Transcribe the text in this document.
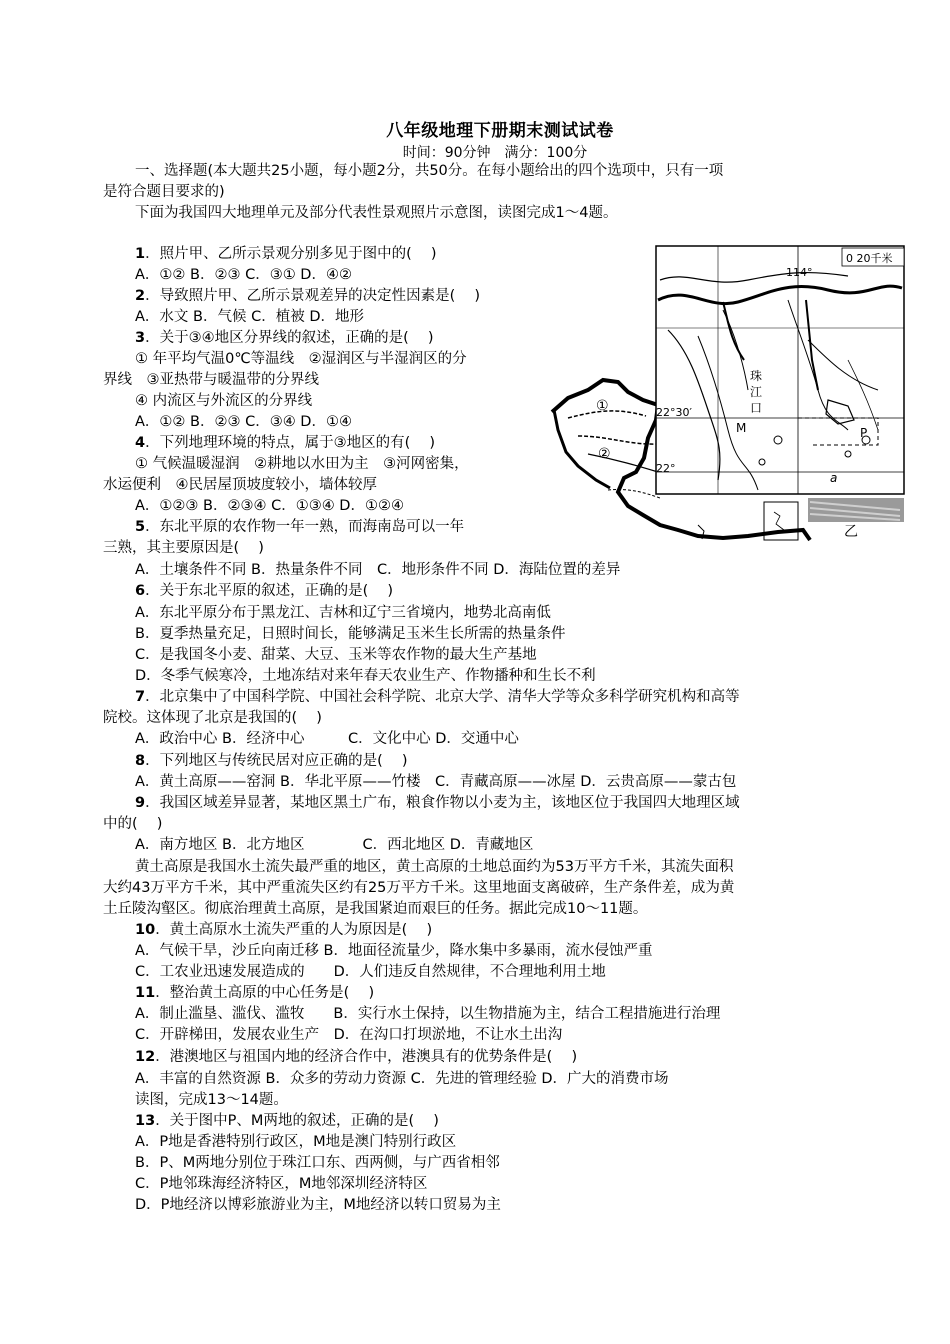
八年级地理下册期末测试试卷
时间：90分钟　满分：100分
一、选择题(本大题共25小题，每小题2分，共50分。在每小题给出的四个选项中，只有一项
是符合题目要求的)
下面为我国四大地理单元及部分代表性景观照片示意图，读图完成1～4题。
1．照片甲、乙所示景观分别多见于图中的(　 )
A．①② B．②③ C．③① D．④②
2．导致照片甲、乙所示景观差异的决定性因素是(　 )
A．水文 B．气候 C．植被 D．地形
3．关于③④地区分界线的叙述，正确的是(　 )
① 年平均气温0℃等温线　②湿润区与半湿润区的分
界线　③亚热带与暖温带的分界线
④ 内流区与外流区的分界线
A．①② B．②③ C．③④ D．①④
4．下列地理环境的特点，属于③地区的有(　 )
① 气候温暖湿润　②耕地以水田为主　③河网密集，
水运便利　④民居屋顶坡度较小，墙体较厚
A．①②③ B．②③④ C．①③④ D．①②④
5．东北平原的农作物一年一熟，而海南岛可以一年
三熟，其主要原因是(　 )
A．土壤条件不同 B．热量条件不同　C．地形条件不同 D．海陆位置的差异
6．关于东北平原的叙述，正确的是(　 )
A．东北平原分布于黑龙江、吉林和辽宁三省境内，地势北高南低
B．夏季热量充足，日照时间长，能够满足玉米生长所需的热量条件
C．是我国冬小麦、甜菜、大豆、玉米等农作物的最大生产基地
D．冬季气候寒冷，土地冻结对来年春天农业生产、作物播种和生长不利
7．北京集中了中国科学院、中国社会科学院、北京大学、清华大学等众多科学研究机构和高等
院校。这体现了北京是我国的(　 )
A．政治中心 B．经济中心　　　C．文化中心 D．交通中心
8．下列地区与传统民居对应正确的是(　 )
A．黄土高原——窑洞 B．华北平原——竹楼　C．青藏高原——冰屋 D．云贵高原——蒙古包
9．我国区域差异显著，某地区黑土广布，粮食作物以小麦为主，该地区位于我国四大地理区域
中的(　 )
A．南方地区 B．北方地区　　　　C．西北地区 D．青藏地区
黄土高原是我国水土流失最严重的地区，黄土高原的土地总面约为53万平方千米，其流失面积
大约43万平方千米，其中严重流失区约有25万平方千米。这里地面支离破碎，生产条件差，成为黄
土丘陵沟壑区。彻底治理黄土高原，是我国紧迫而艰巨的任务。据此完成10～11题。
10．黄土高原水土流失严重的人为原因是(　 )
A．气候干旱，沙丘向南迁移 B．地面径流量少，降水集中多暴雨，流水侵蚀严重
C．工农业迅速发展造成的　　D．人们违反自然规律，不合理地利用土地
11．整治黄土高原的中心任务是(　 )
A．制止滥垦、滥伐、滥牧　　B．实行水土保持，以生物措施为主，结合工程措施进行治理
C．开辟梯田，发展农业生产　D．在沟口打坝淤地，不让水土出沟
12．港澳地区与祖国内地的经济合作中，港澳具有的优势条件是(　 )
A．丰富的自然资源 B．众多的劳动力资源 C．先进的管理经验 D．广大的消费市场
读图，完成13～14题。
13．关于图中P、M两地的叙述，正确的是(　 )
A．P地是香港特别行政区，M地是澳门特别行政区
B．P、M两地分别位于珠江口东、西两侧，与广西省相邻
C．P地邻珠海经济特区，M地邻深圳经济特区
D．P地经济以博彩旅游业为主，M地经济以转口贸易为主
①
②
乙
0 20千米
114°
22°30′
22°
珠
江
口
M	P
a
